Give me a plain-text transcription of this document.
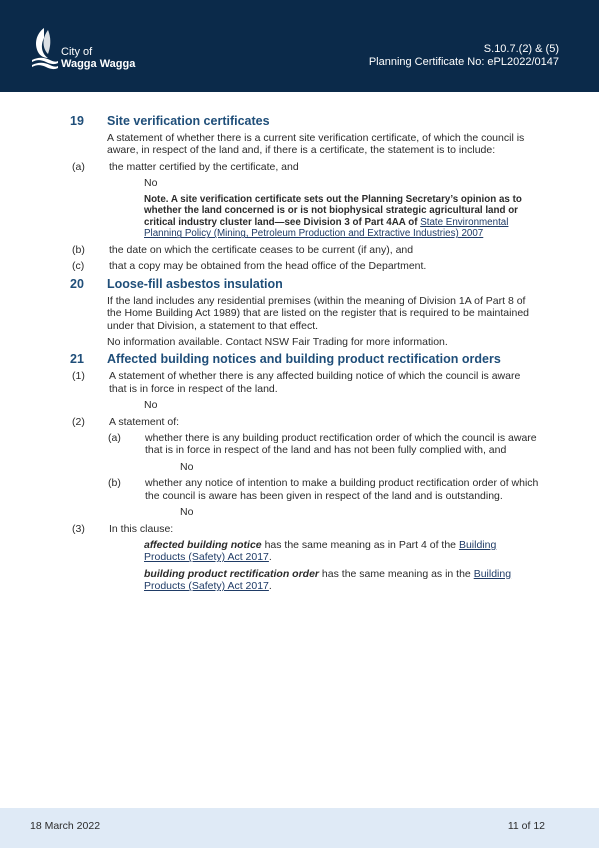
City of
Wagga Wagga
S.10.7.(2) & (5)
Planning Certificate No: ePL2022/0147
19	Site verification certificates

A statement of whether there is a current site verification certificate, of which the council is aware, in respect of the land and, if there is a certificate, the statement is to include:

(a)	the matter certified by the certificate, and

No

Note. A site verification certificate sets out the Planning Secretary’s opinion as to whether the land concerned is or is not biophysical strategic agricultural land or critical industry cluster land—see Division 3 of Part 4AA of State Environmental Planning Policy (Mining, Petroleum Production and Extractive Industries) 2007

(b)	the date on which the certificate ceases to be current (if any), and
(c)	that a copy may be obtained from the head office of the Department.
20	Loose-fill asbestos insulation

If the land includes any residential premises (within the meaning of Division 1A of Part 8 of the Home Building Act 1989) that are listed on the register that is required to be maintained under that Division, a statement to that effect.

No information available. Contact NSW Fair Trading for more information.

21	Affected building notices and building product rectification orders
(1)	A statement of whether there is any affected building notice of which the council is aware that is in force in respect of the land.

No

(2)	A statement of:
(a)	whether there is any building product rectification order of which the council is aware that is in force in respect of the land and has not been fully complied with, and

No

(b)	whether any notice of intention to make a building product rectification order of which the council is aware has been given in respect of the land and is outstanding.

No

(3)	In this clause:

affected building notice has the same meaning as in Part 4 of the Building Products (Safety) Act 2017.

building product rectification order has the same meaning as in the Building Products (Safety) Act 2017.

18 March 2022	11 of 12
